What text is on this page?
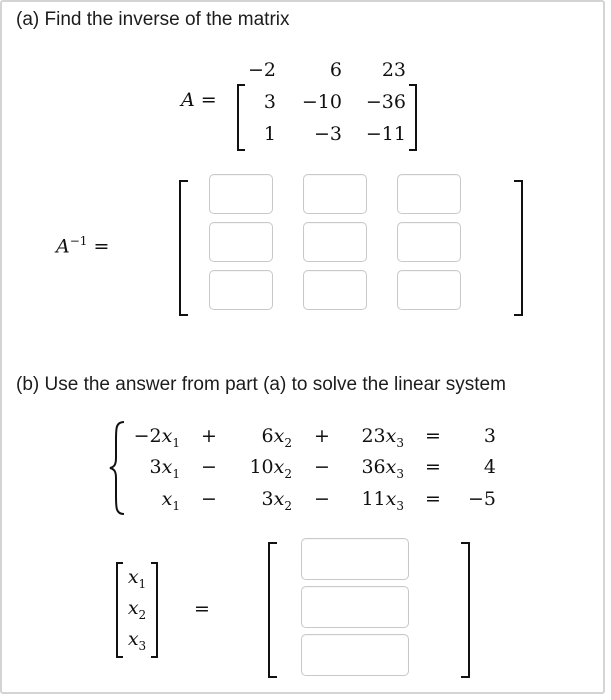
(a) Find the inverse of the matrix
A =
−2	6	23
3	−10	−36
1	−3	−11
$A^{-1}$ =
(b) Use the answer from part (a) to solve the linear system
$-2x_1$ +	$6x_2$ +	$23x_3$ =	3
$3x_1$ −	$10x_2$ −	$36x_3$ =	4
$x_1$ −	$3x_2$ −	$11x_3$ =	−5
$x_1$
$x_2$
$x_3$
=
